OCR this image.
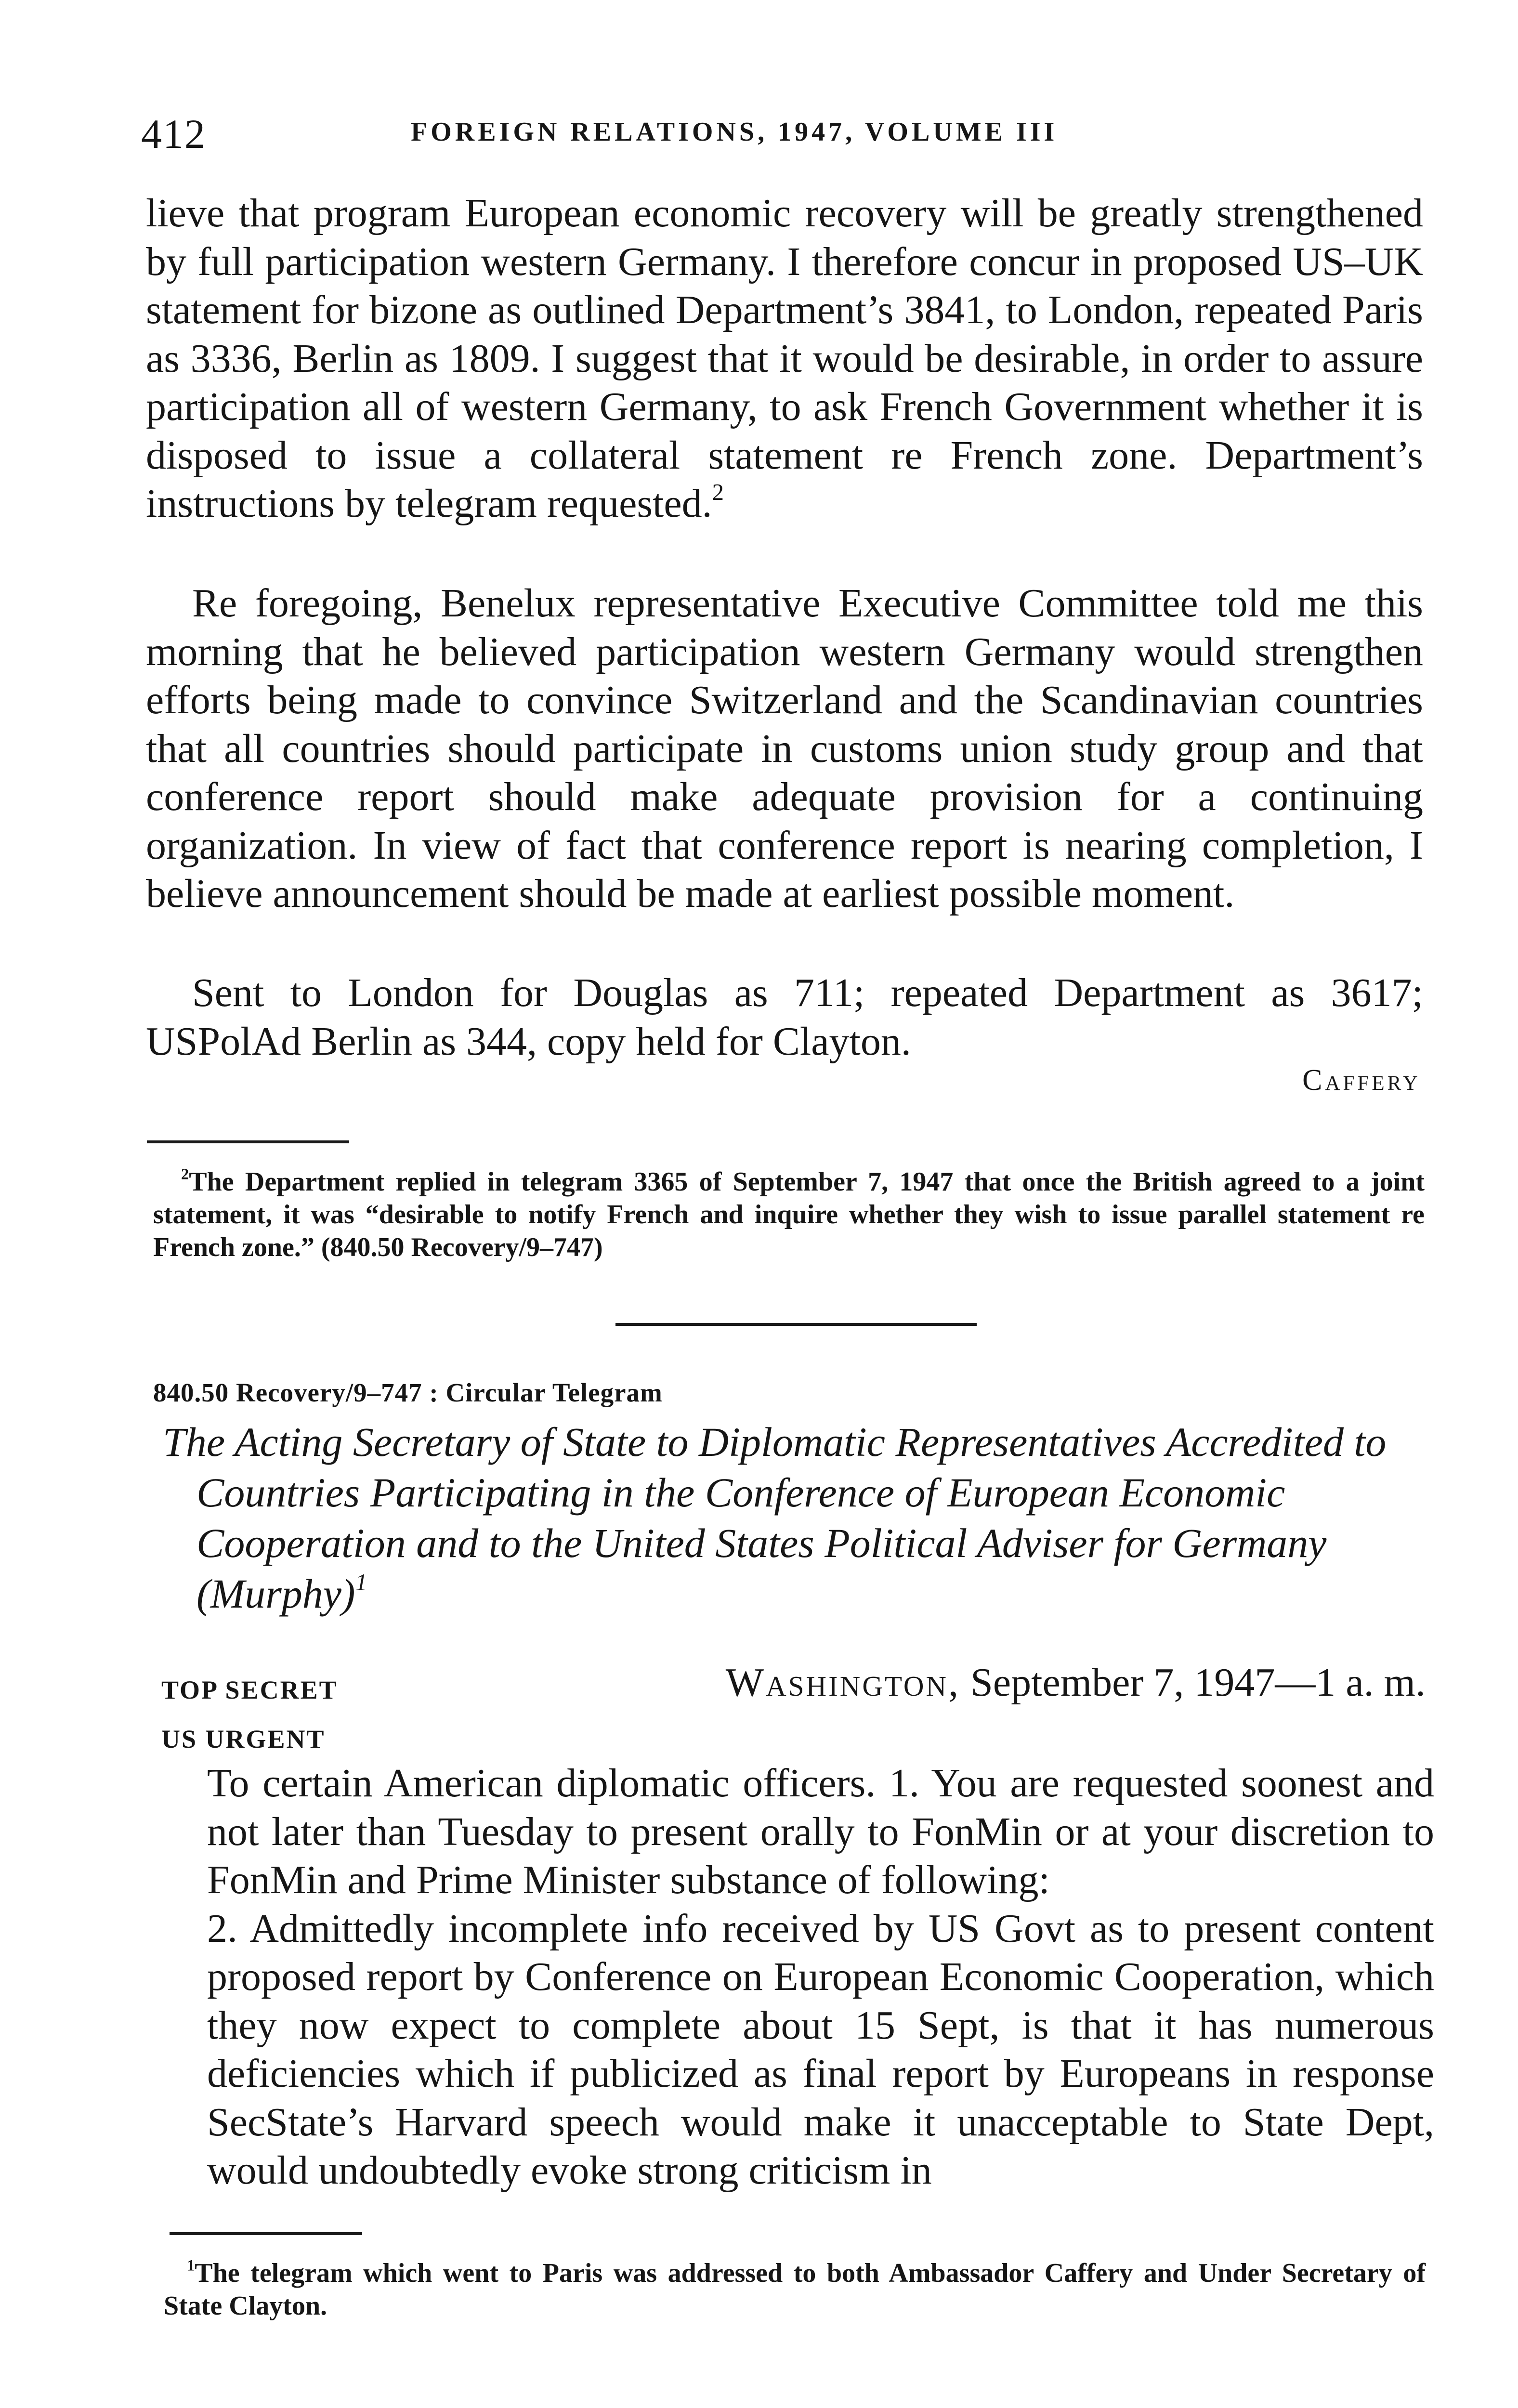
412	FOREIGN RELATIONS, 1947, VOLUME III

lieve that program European economic recovery will be greatly strengthened by full participation western Germany. I therefore concur in proposed US–UK statement for bizone as outlined Department’s 3841, to London, repeated Paris as 3336, Berlin as 1809. I suggest that it would be desirable, in order to assure participation all of western Germany, to ask French Government whether it is disposed to issue a collateral statement re French zone. Department’s instructions by telegram requested.$^2$

Re foregoing, Benelux representative Executive Committee told me this morning that he believed participation western Germany would strengthen efforts being made to convince Switzerland and the Scandinavian countries that all countries should participate in customs union study group and that conference report should make adequate provision for a continuing organization. In view of fact that conference report is nearing completion, I believe announcement should be made at earliest possible moment.

Sent to London for Douglas as 711; repeated Department as 3617; USPolAd Berlin as 344, copy held for Clayton.

Caffery

$^2$The Department replied in telegram 3365 of September 7, 1947 that once the British agreed to a joint statement, it was “desirable to notify French and inquire whether they wish to issue parallel statement re French zone.” (840.50 Recovery/9–747)

840.50 Recovery/9–747 : Circular Telegram

The Acting Secretary of State to Diplomatic Representatives Accredited to Countries Participating in the Conference of European Economic Cooperation and to the United States Political Adviser for Germany (Murphy)$^1$

TOP SECRET
US URGENT
Washington, September 7, 1947—1 a. m.

To certain American diplomatic officers. 1. You are requested soonest and not later than Tuesday to present orally to FonMin or at your discretion to FonMin and Prime Minister substance of following:
2. Admittedly incomplete info received by US Govt as to present content proposed report by Conference on European Economic Cooperation, which they now expect to complete about 15 Sept, is that it has numerous deficiencies which if publicized as final report by Europeans in response SecState’s Harvard speech would make it unacceptable to State Dept, would undoubtedly evoke strong criticism in

$^1$The telegram which went to Paris was addressed to both Ambassador Caffery and Under Secretary of State Clayton.
